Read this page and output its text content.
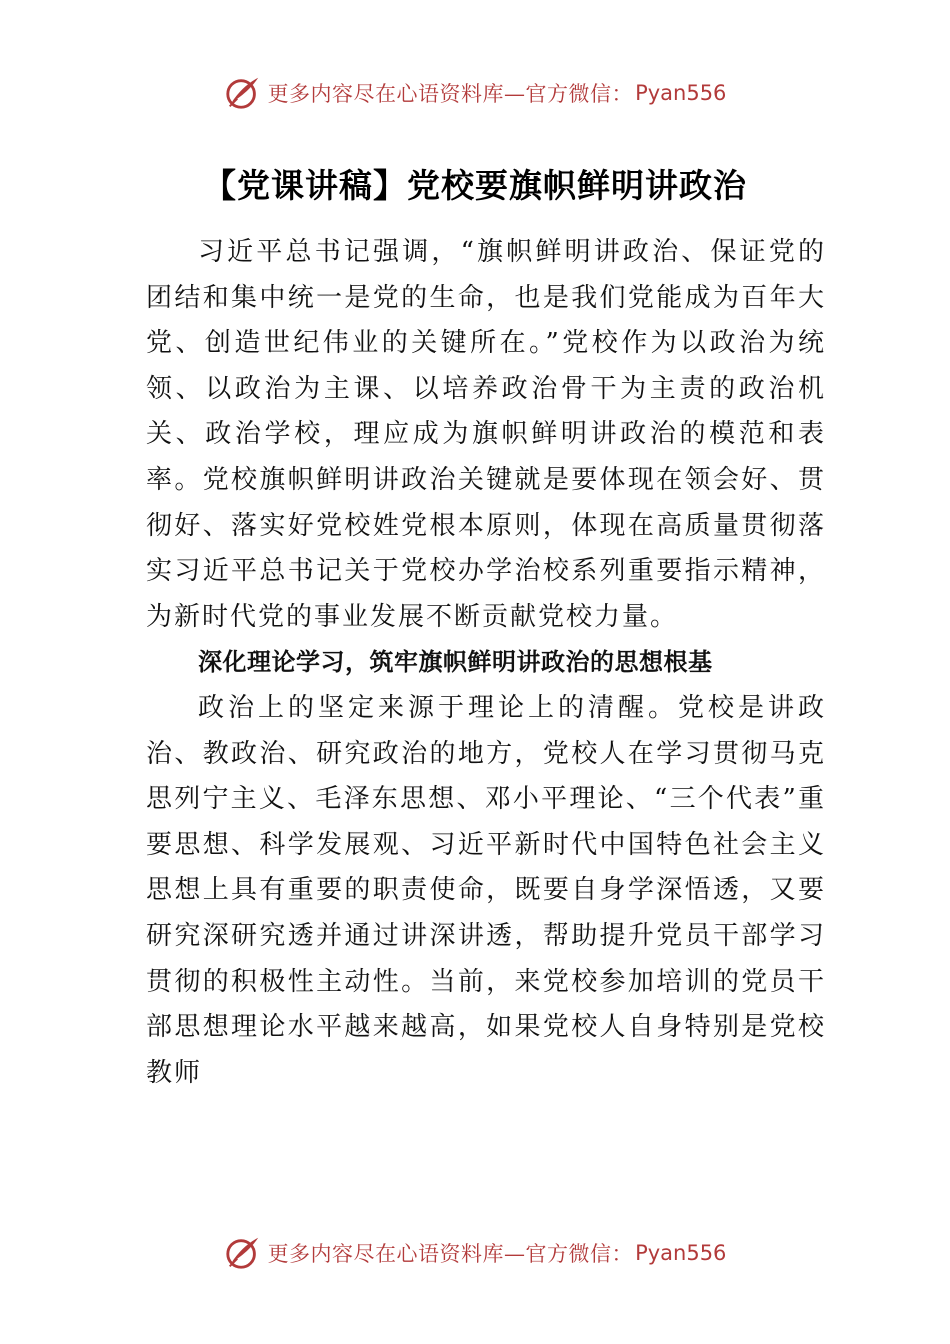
更多内容尽在心语资料库—官方微信： Pyan556
【党课讲稿】党校要旗帜鲜明讲政治

习近平总书记强调，“旗帜鲜明讲政治、保证党的团结和集中统一是党的生命，也是我们党能成为百年大党、创造世纪伟业的关键所在。”党校作为以政治为统领、以政治为主课、以培养政治骨干为主责的政治机关、政治学校，理应成为旗帜鲜明讲政治的模范和表率。党校旗帜鲜明讲政治关键就是要体现在领会好、贯彻好、落实好党校姓党根本原则，体现在高质量贯彻落实习近平总书记关于党校办学治校系列重要指示精神，为新时代党的事业发展不断贡献党校力量。

深化理论学习，筑牢旗帜鲜明讲政治的思想根基

政治上的坚定来源于理论上的清醒。党校是讲政治、教政治、研究政治的地方，党校人在学习贯彻马克思列宁主义、毛泽东思想、邓小平理论、“三个代表”重要思想、科学发展观、习近平新时代中国特色社会主义思想上具有重要的职责使命，既要自身学深悟透，又要研究深研究透并通过讲深讲透，帮助提升党员干部学习贯彻的积极性主动性。当前，来党校参加培训的党员干部思想理论水平越来越高，如果党校人自身特别是党校教师

更多内容尽在心语资料库—官方微信： Pyan556
